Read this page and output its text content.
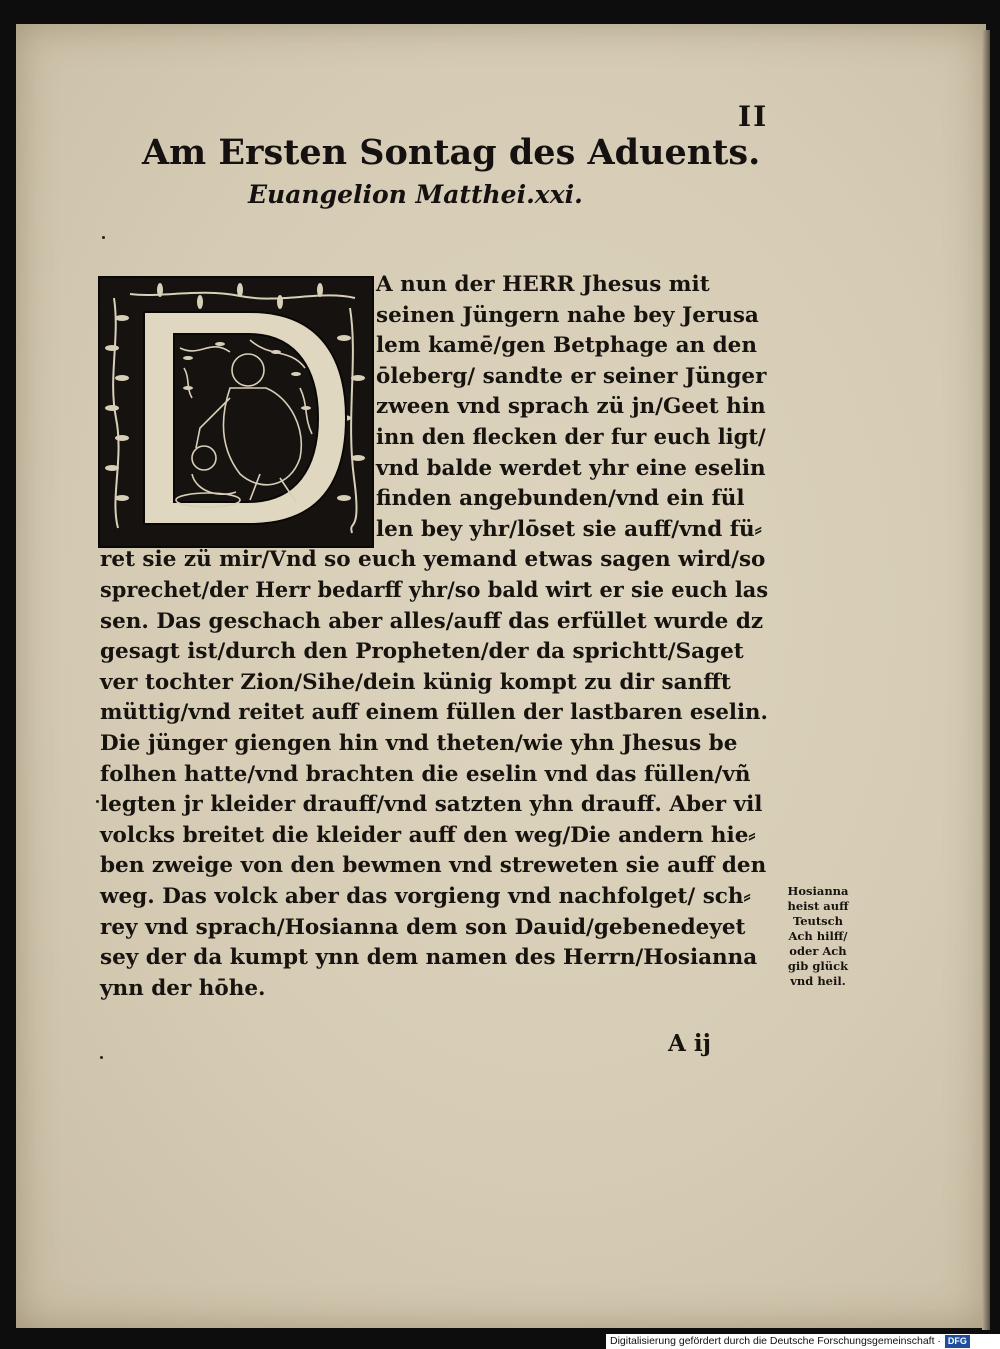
II
Am Ersten Sontag des Aduents.
Euangelion Matthei.xxi.
A nun der HERR Jhesus mit
seinen Jüngern nahe bey Jerusa
lem kamē/gen Betphage an den
ōleberg/ sandte er seiner Jünger
zween vnd sprach zü jn/Geet hin
inn den flecken der fur euch ligt/
vnd balde werdet yhr eine eselin
finden angebunden/vnd ein fül
len bey yhr/lōset sie auff/vnd fü⸗
ret sie zü mir/Vnd so euch yemand etwas sagen wird/so
sprechet/der Herr bedarff yhr/so bald wirt er sie euch las
sen. Das geschach aber alles/auff das erfüllet wurde dz
gesagt ist/durch den Propheten/der da sprichtt/Saget
ver tochter Zion/Sihe/dein künig kompt zu dir sanfft
müttig/vnd reitet auff einem füllen der lastbaren eselin.
Die jünger giengen hin vnd theten/wie yhn Jhesus be
folhen hatte/vnd brachten die eselin vnd das füllen/vñ
legten jr kleider drauff/vnd satzten yhn drauff. Aber vil
volcks breitet die kleider auff den weg/Die andern hie⸗
ben zweige von den bewmen vnd streweten sie auff den
weg. Das volck aber das vorgieng vnd nachfolget/ sch⸗
rey vnd sprach/Hosianna dem son Dauid/gebenedeyet
sey der da kumpt ynn dem namen des Herrn/Hosianna
ynn der hōhe.
Hosianna
heist auff
Teutsch
Ach hilff/
oder Ach
gib glück
vnd heil.
A ij
Digitalisierung gefördert durch die Deutsche Forschungsgemeinschaft · DFG
